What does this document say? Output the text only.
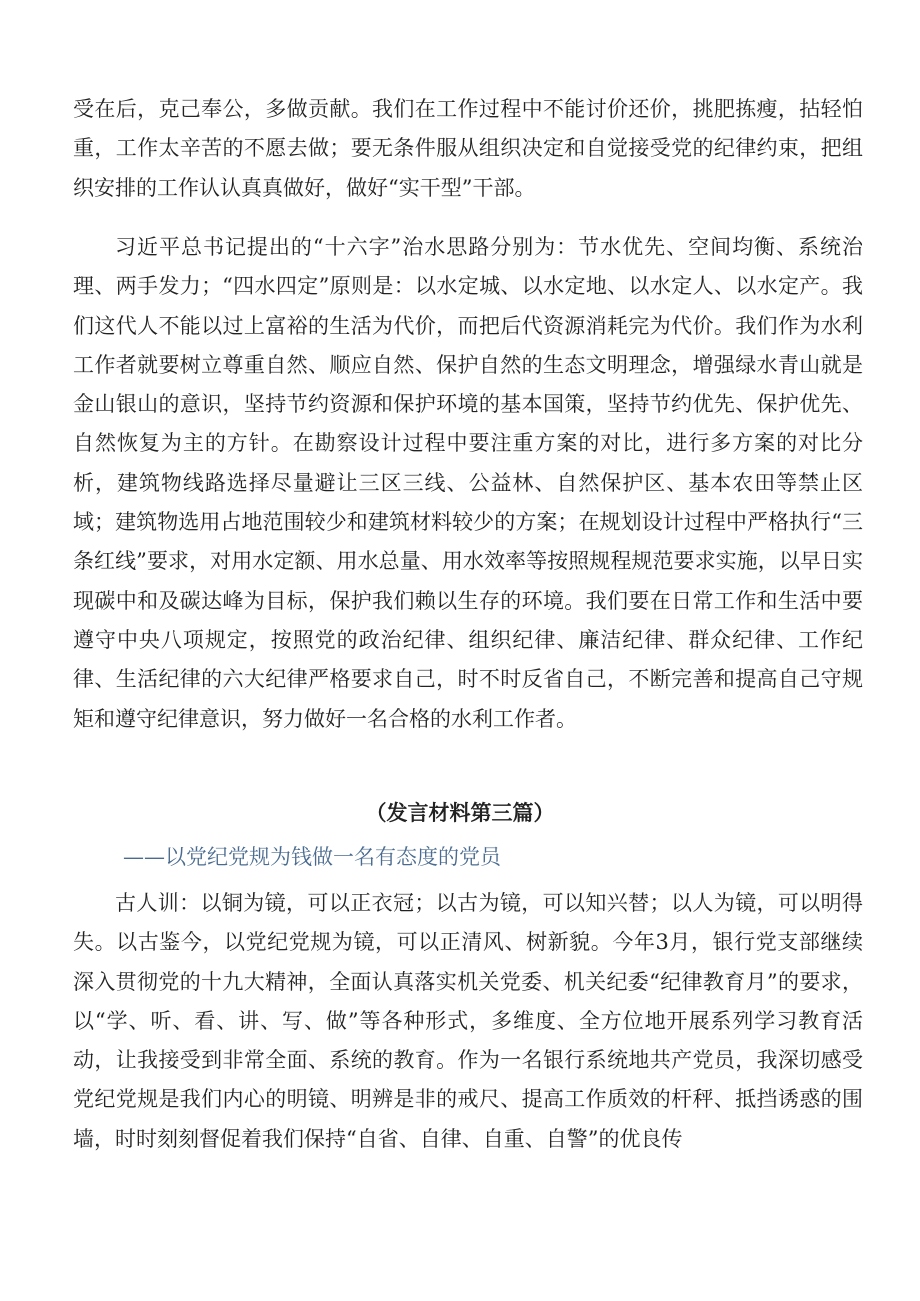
受在后，克己奉公，多做贡献。我们在工作过程中不能讨价还价，挑肥拣瘦，拈轻怕重，工作太辛苦的不愿去做；要无条件服从组织决定和自觉接受党的纪律约束，把组织安排的工作认认真真做好，做好“实干型”干部。

习近平总书记提出的“十六字”治水思路分别为：节水优先、空间均衡、系统治理、两手发力；“四水四定”原则是：以水定城、以水定地、以水定人、以水定产。我们这代人不能以过上富裕的生活为代价，而把后代资源消耗完为代价。我们作为水利工作者就要树立尊重自然、顺应自然、保护自然的生态文明理念，增强绿水青山就是金山银山的意识，坚持节约资源和保护环境的基本国策，坚持节约优先、保护优先、自然恢复为主的方针。在勘察设计过程中要注重方案的对比，进行多方案的对比分析，建筑物线路选择尽量避让三区三线、公益林、自然保护区、基本农田等禁止区域；建筑物选用占地范围较少和建筑材料较少的方案；在规划设计过程中严格执行“三条红线”要求，对用水定额、用水总量、用水效率等按照规程规范要求实施，以早日实现碳中和及碳达峰为目标，保护我们赖以生存的环境。我们要在日常工作和生活中要遵守中央八项规定，按照党的政治纪律、组织纪律、廉洁纪律、群众纪律、工作纪律、生活纪律的六大纪律严格要求自己，时不时反省自己，不断完善和提高自己守规矩和遵守纪律意识，努力做好一名合格的水利工作者。

（发言材料第三篇）

——以党纪党规为钱做一名有态度的党员

古人训：以铜为镜，可以正衣冠；以古为镜，可以知兴替；以人为镜，可以明得失。以古鉴今，以党纪党规为镜，可以正清风、树新貌。今年3月，银行党支部继续深入贯彻党的十九大精神，全面认真落实机关党委、机关纪委“纪律教育月”的要求，以“学、听、看、讲、写、做”等各种形式，多维度、全方位地开展系列学习教育活动，让我接受到非常全面、系统的教育。作为一名银行系统地共产党员，我深切感受党纪党规是我们内心的明镜、明辨是非的戒尺、提高工作质效的杆秤、抵挡诱惑的围墙，时时刻刻督促着我们保持“自省、自律、自重、自警”的优良传
